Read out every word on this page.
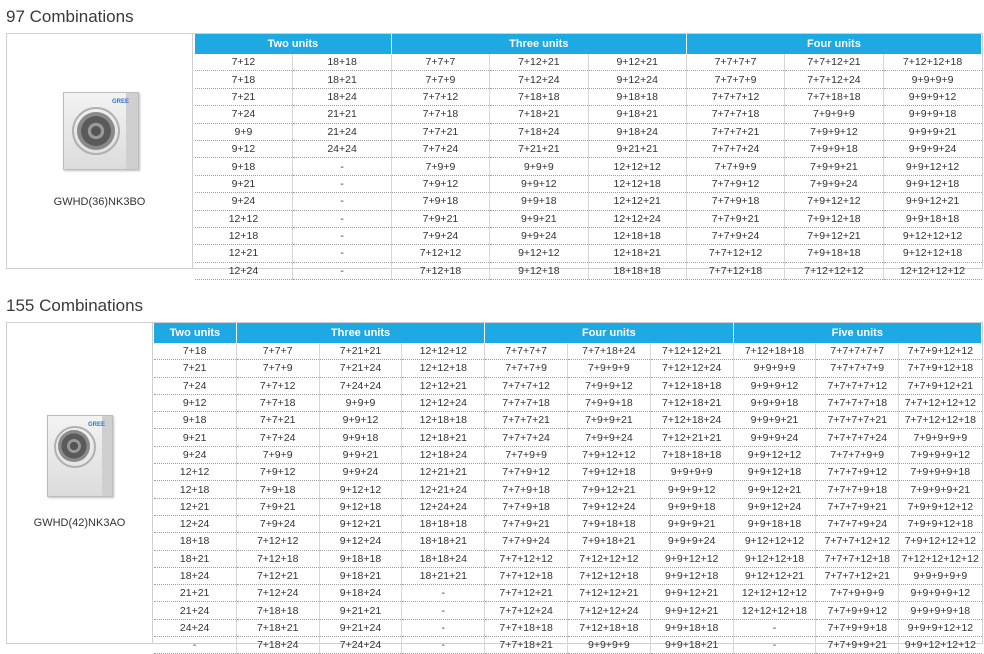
97 Combinations
GREE
GWHD(36)NK3BO
Two units		Three units			Four units		
7+12	18+18	7+7+7	7+12+21	9+12+21	7+7+7+7	7+7+12+21	7+12+12+18
7+18	18+21	7+7+9	7+12+24	9+12+24	7+7+7+9	7+7+12+24	9+9+9+9
7+21	18+24	7+7+12	7+18+18	9+18+18	7+7+7+12	7+7+18+18	9+9+9+12
7+24	21+21	7+7+18	7+18+21	9+18+21	7+7+7+18	7+9+9+9	9+9+9+18
9+9	21+24	7+7+21	7+18+24	9+18+24	7+7+7+21	7+9+9+12	9+9+9+21
9+12	24+24	7+7+24	7+21+21	9+21+21	7+7+7+24	7+9+9+18	9+9+9+24
9+18	-	7+9+9	9+9+9	12+12+12	7+7+9+9	7+9+9+21	9+9+12+12
9+21	-	7+9+12	9+9+12	12+12+18	7+7+9+12	7+9+9+24	9+9+12+18
9+24	-	7+9+18	9+9+18	12+12+21	7+7+9+18	7+9+12+12	9+9+12+21
12+12	-	7+9+21	9+9+21	12+12+24	7+7+9+21	7+9+12+18	9+9+18+18
12+18	-	7+9+24	9+9+24	12+18+18	7+7+9+24	7+9+12+21	9+12+12+12
12+21	-	7+12+12	9+12+12	12+18+21	7+7+12+12	7+9+18+18	9+12+12+18
12+24	-	7+12+18	9+12+18	18+18+18	7+7+12+18	7+12+12+12	12+12+12+12
155 Combinations
GREE
GWHD(42)NK3AO
Two units	Three units			Four units			Five units		
7+18	7+7+7	7+21+21	12+12+12	7+7+7+7	7+7+18+24	7+12+12+21	7+12+18+18	7+7+7+7+7	7+7+9+12+12
7+21	7+7+9	7+21+24	12+12+18	7+7+7+9	7+9+9+9	7+12+12+24	9+9+9+9	7+7+7+7+9	7+7+9+12+18
7+24	7+7+12	7+24+24	12+12+21	7+7+7+12	7+9+9+12	7+12+18+18	9+9+9+12	7+7+7+7+12	7+7+9+12+21
9+12	7+7+18	9+9+9	12+12+24	7+7+7+18	7+9+9+18	7+12+18+21	9+9+9+18	7+7+7+7+18	7+7+12+12+12
9+18	7+7+21	9+9+12	12+18+18	7+7+7+21	7+9+9+21	7+12+18+24	9+9+9+21	7+7+7+7+21	7+7+12+12+18
9+21	7+7+24	9+9+18	12+18+21	7+7+7+24	7+9+9+24	7+12+21+21	9+9+9+24	7+7+7+7+24	7+9+9+9+9
9+24	7+9+9	9+9+21	12+18+24	7+7+9+9	7+9+12+12	7+18+18+18	9+9+12+12	7+7+7+9+9	7+9+9+9+12
12+12	7+9+12	9+9+24	12+21+21	7+7+9+12	7+9+12+18	9+9+9+9	9+9+12+18	7+7+7+9+12	7+9+9+9+18
12+18	7+9+18	9+12+12	12+21+24	7+7+9+18	7+9+12+21	9+9+9+12	9+9+12+21	7+7+7+9+18	7+9+9+9+21
12+21	7+9+21	9+12+18	12+24+24	7+7+9+18	7+9+12+24	9+9+9+18	9+9+12+24	7+7+7+9+21	7+9+9+12+12
12+24	7+9+24	9+12+21	18+18+18	7+7+9+21	7+9+18+18	9+9+9+21	9+9+18+18	7+7+7+9+24	7+9+9+12+18
18+18	7+12+12	9+12+24	18+18+21	7+7+9+24	7+9+18+21	9+9+9+24	9+12+12+12	7+7+7+12+12	7+9+12+12+12
18+21	7+12+18	9+18+18	18+18+24	7+7+12+12	7+12+12+12	9+9+12+12	9+12+12+18	7+7+7+12+18	7+12+12+12+12
18+24	7+12+21	9+18+21	18+21+21	7+7+12+18	7+12+12+18	9+9+12+18	9+12+12+21	7+7+7+12+21	9+9+9+9+9
21+21	7+12+24	9+18+24	-	7+7+12+21	7+12+12+21	9+9+12+21	12+12+12+12	7+7+9+9+9	9+9+9+9+12
21+24	7+18+18	9+21+21	-	7+7+12+24	7+12+12+24	9+9+12+21	12+12+12+18	7+7+9+9+12	9+9+9+9+18
24+24	7+18+21	9+21+24	-	7+7+18+18	7+12+18+18	9+9+18+18	-	7+7+9+9+18	9+9+9+12+12
-	7+18+24	7+24+24	-	7+7+18+21	9+9+9+9	9+9+18+21	-	7+7+9+9+21	9+9+12+12+12
